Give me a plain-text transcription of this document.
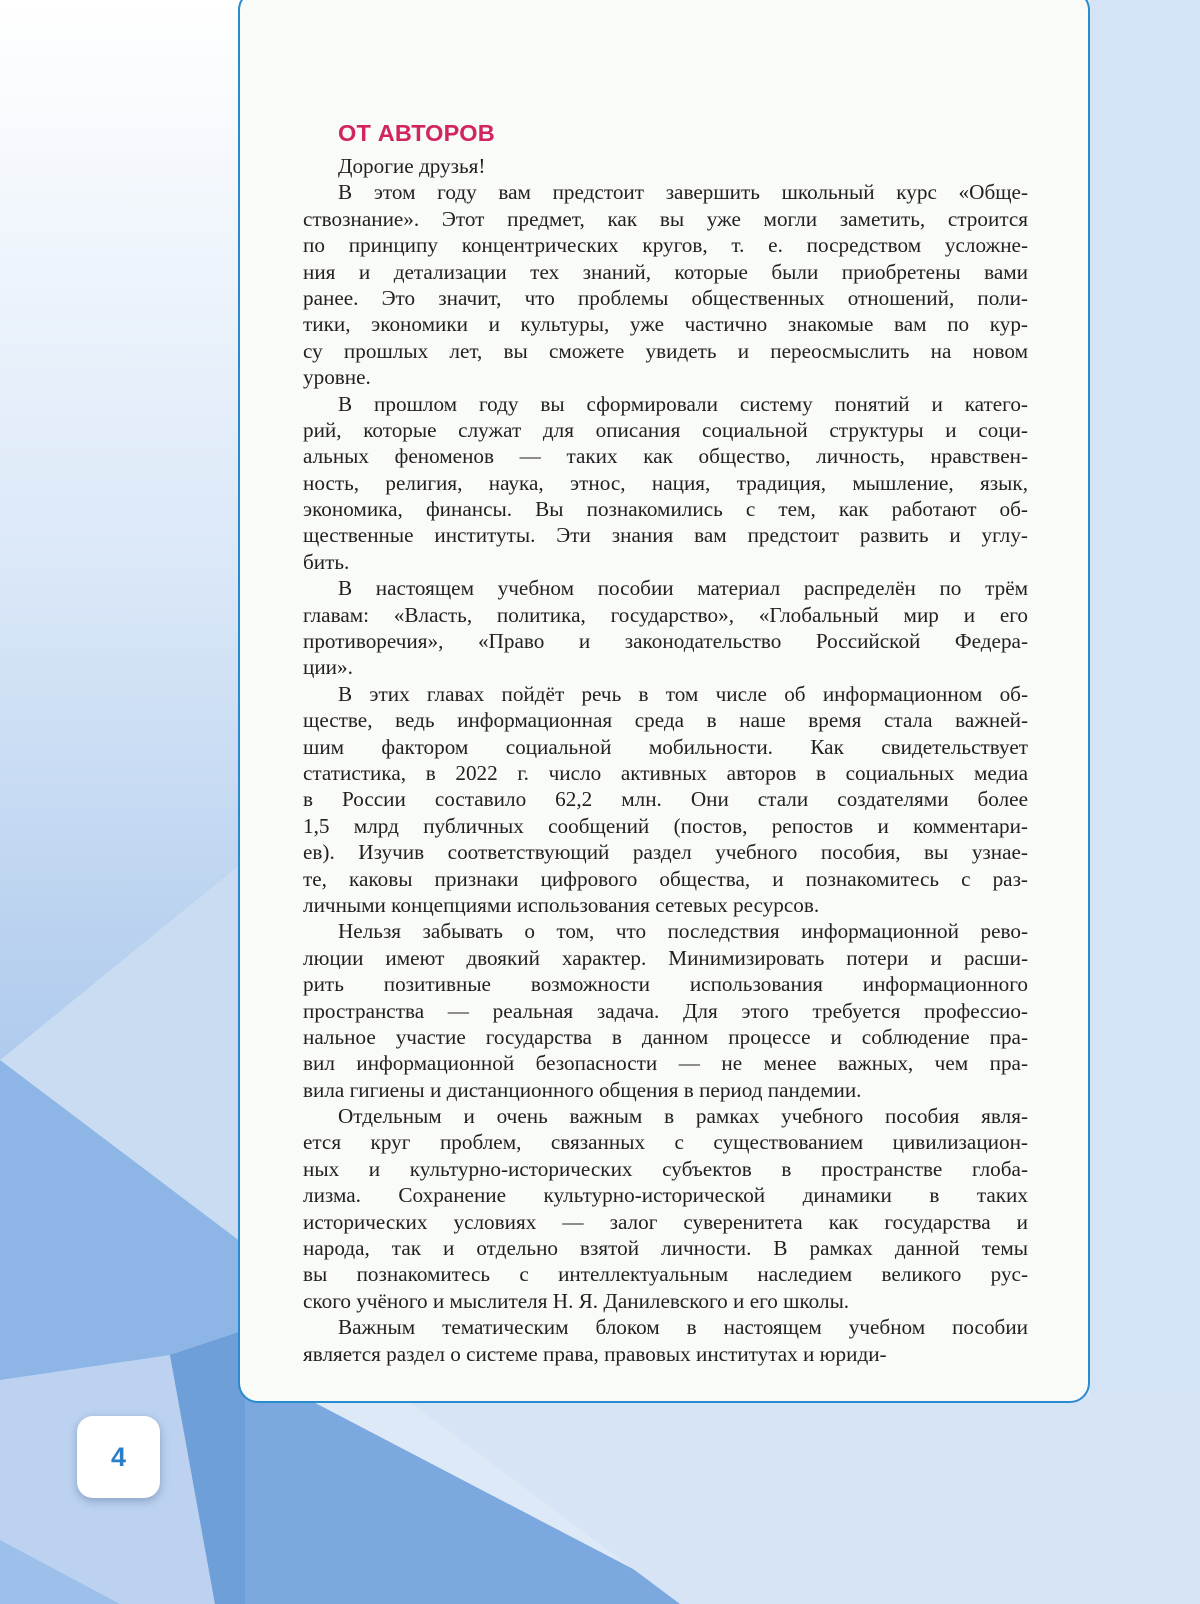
ОТ АВТОРОВ
Дорогие друзья!
В этом году вам предстоит завершить школьный курс «Обще-
ствознание». Этот предмет, как вы уже могли заметить, строится
по принципу концентрических кругов, т. е. посредством усложне-
ния и детализации тех знаний, которые были приобретены вами
ранее. Это значит, что проблемы общественных отношений, поли-
тики, экономики и культуры, уже частично знакомые вам по кур-
су прошлых лет, вы сможете увидеть и переосмыслить на новом
уровне.
В прошлом году вы сформировали систему понятий и катего-
рий, которые служат для описания социальной структуры и соци-
альных феноменов — таких как общество, личность, нравствен-
ность, религия, наука, этнос, нация, традиция, мышление, язык,
экономика, финансы. Вы познакомились с тем, как работают об-
щественные институты. Эти знания вам предстоит развить и углу-
бить.
В настоящем учебном пособии материал распределён по трём
главам: «Власть, политика, государство», «Глобальный мир и его
противоречия», «Право и законодательство Российской Федера-
ции».
В этих главах пойдёт речь в том числе об информационном об-
ществе, ведь информационная среда в наше время стала важней-
шим фактором социальной мобильности. Как свидетельствует
статистика, в 2022 г. число активных авторов в социальных медиа
в России составило 62,2 млн. Они стали создателями более
1,5 млрд публичных сообщений (постов, репостов и комментари-
ев). Изучив соответствующий раздел учебного пособия, вы узнае-
те, каковы признаки цифрового общества, и познакомитесь с раз-
личными концепциями использования сетевых ресурсов.
Нельзя забывать о том, что последствия информационной рево-
люции имеют двоякий характер. Минимизировать потери и расши-
рить позитивные возможности использования информационного
пространства — реальная задача. Для этого требуется профессио-
нальное участие государства в данном процессе и соблюдение пра-
вил информационной безопасности — не менее важных, чем пра-
вила гигиены и дистанционного общения в период пандемии.
Отдельным и очень важным в рамках учебного пособия явля-
ется круг проблем, связанных с существованием цивилизацион-
ных и культурно-исторических субъектов в пространстве глоба-
лизма. Сохранение культурно-исторической динамики в таких
исторических условиях — залог суверенитета как государства и
народа, так и отдельно взятой личности. В рамках данной темы
вы познакомитесь с интеллектуальным наследием великого рус-
ского учёного и мыслителя Н. Я. Данилевского и его школы.
Важным тематическим блоком в настоящем учебном пособии
является раздел о системе права, правовых институтах и юриди-
4
